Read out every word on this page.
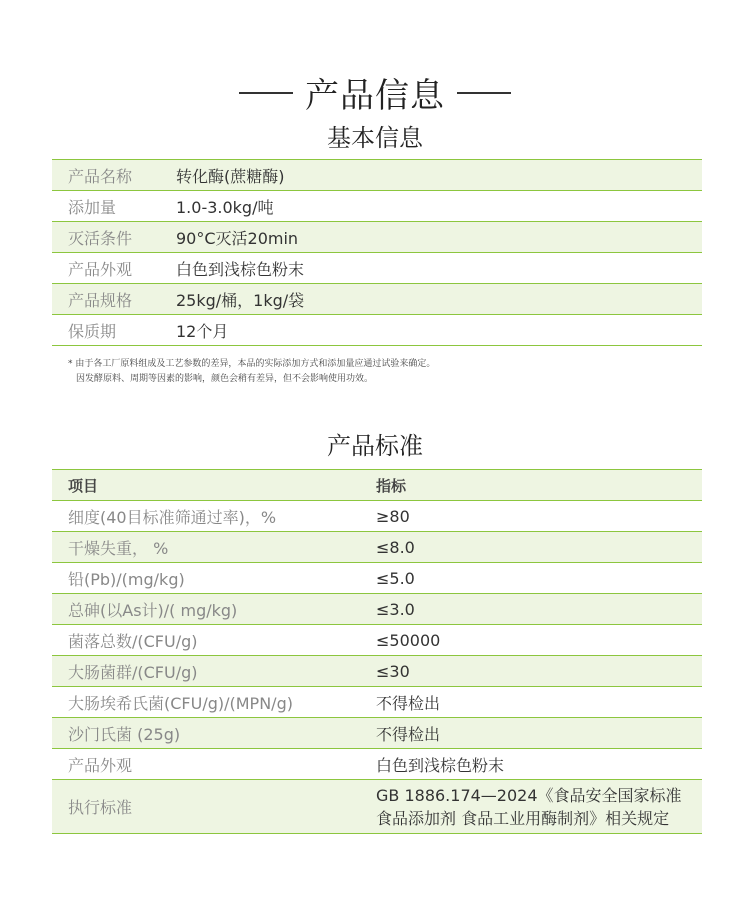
产品信息
基本信息
产品名称	转化酶(蔗糖酶)
添加量	1.0-3.0kg/吨
灭活条件	90°C灭活20min
产品外观	白色到浅棕色粉末
产品规格	25kg/桶，1kg/袋
保质期	12个月
* 由于各工厂原料组成及工艺参数的差异，本品的实际添加方式和添加量应通过试验来确定。
因发酵原料、周期等因素的影响，颜色会稍有差异，但不会影响使用功效。
产品标准
项目	指标
细度(40目标准筛通过率)，%	≥80
干燥失重， %	≤8.0
铅(Pb)/(mg/kg)	≤5.0
总砷(以As计)/( mg/kg)	≤3.0
菌落总数/(CFU/g)	≤50000
大肠菌群/(CFU/g)	≤30
大肠埃希氏菌(CFU/g)/(MPN/g)	不得检出
沙门氏菌 (25g)	不得检出
产品外观	白色到浅棕色粉末
执行标准	GB 1886.174—2024《食品安全国家标准
食品添加剂 食品工业用酶制剂》相关规定
